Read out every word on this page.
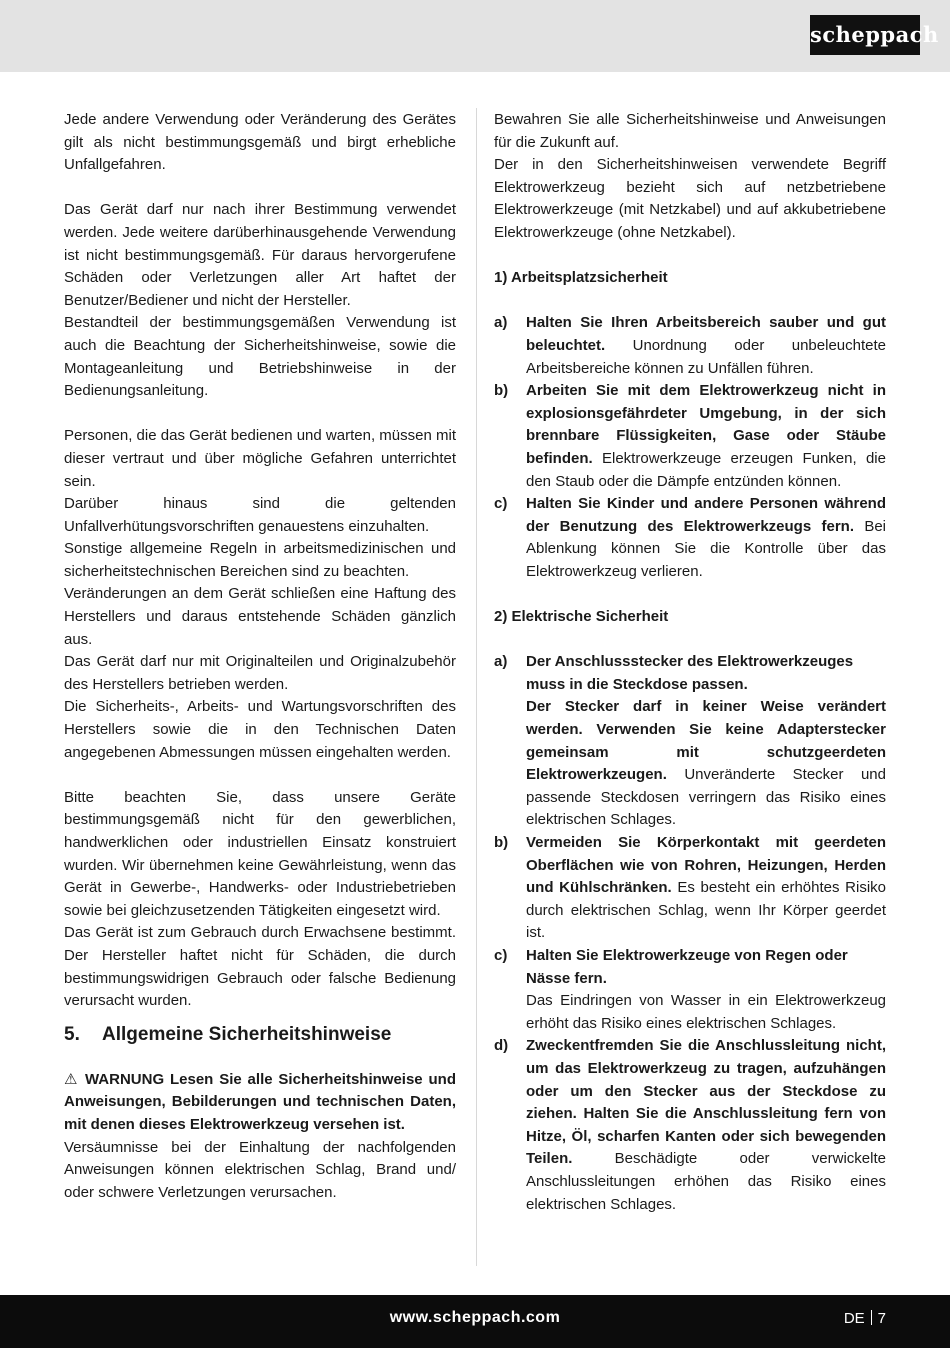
scheppach

Jede andere Verwendung oder Veränderung des Gerätes gilt als nicht bestimmungsgemäß und birgt erhebliche Unfallgefahren.

Das Gerät darf nur nach ihrer Bestimmung verwendet werden. Jede weitere darüberhinausgehende Verwendung ist nicht bestimmungsgemäß. Für daraus hervorgerufene Schäden oder Verletzungen aller Art haftet der Benutzer/Bediener und nicht der Hersteller.

Bestandteil der bestimmungsgemäßen Verwendung ist auch die Beachtung der Sicherheitshinweise, sowie die Montageanleitung und Betriebshinweise in der Bedienungsanleitung.

Personen, die das Gerät bedienen und warten, müssen mit dieser vertraut und über mögliche Gefahren unterrichtet sein.

Darüber hinaus sind die geltenden Unfallverhütungsvorschriften genauestens einzuhalten.

Sonstige allgemeine Regeln in arbeitsmedizinischen und sicherheitstechnischen Bereichen sind zu beachten.

Veränderungen an dem Gerät schließen eine Haftung des Herstellers und daraus entstehende Schäden gänzlich aus.

Das Gerät darf nur mit Originalteilen und Originalzubehör des Herstellers betrieben werden.

Die Sicherheits-, Arbeits- und Wartungsvorschriften des Herstellers sowie die in den Technischen Daten angegebenen Abmessungen müssen eingehalten werden.

Bitte beachten Sie, dass unsere Geräte bestimmungsgemäß nicht für den gewerblichen, handwerklichen oder industriellen Einsatz konstruiert wurden. Wir übernehmen keine Gewährleistung, wenn das Gerät in Gewerbe-, Handwerks- oder Industriebetrieben sowie bei gleichzusetzenden Tätigkeiten eingesetzt wird.

Das Gerät ist zum Gebrauch durch Erwachsene bestimmt. Der Hersteller haftet nicht für Schäden, die durch bestimmungswidrigen Gebrauch oder falsche Bedienung verursacht wurden.

5. Allgemeine Sicherheitshinweise

⚠ WARNUNG Lesen Sie alle Sicherheitshinweise und Anweisungen, Bebilderungen und technischen Daten, mit denen dieses Elektrowerkzeug versehen ist.

Versäumnisse bei der Einhaltung der nachfolgenden Anweisungen können elektrischen Schlag, Brand und/ oder schwere Verletzungen verursachen.

Bewahren Sie alle Sicherheitshinweise und Anweisungen für die Zukunft auf.

Der in den Sicherheitshinweisen verwendete Begriff Elektrowerkzeug bezieht sich auf netzbetriebene Elektrowerkzeuge (mit Netzkabel) und auf akkubetriebene Elektrowerkzeuge (ohne Netzkabel).

1) Arbeitsplatzsicherheit

a)	Halten Sie Ihren Arbeitsbereich sauber und gut beleuchtet. Unordnung oder unbeleuchtete Arbeitsbereiche können zu Unfällen führen.
b)	Arbeiten Sie mit dem Elektrowerkzeug nicht in explosionsgefährdeter Umgebung, in der sich brennbare Flüssigkeiten, Gase oder Stäube befinden. Elektrowerkzeuge erzeugen Funken, die den Staub oder die Dämpfe entzünden können.
c)	Halten Sie Kinder und andere Personen während der Benutzung des Elektrowerkzeugs fern. Bei Ablenkung können Sie die Kontrolle über das Elektrowerkzeug verlieren.

2) Elektrische Sicherheit

a)	Der Anschlussstecker des Elektrowerkzeuges muss in die Steckdose passen.
Der Stecker darf in keiner Weise verändert werden. Verwenden Sie keine Adapterstecker gemeinsam mit schutzgeerdeten Elektrowerkzeugen. Unveränderte Stecker und passende Steckdosen verringern das Risiko eines elektrischen Schlages.
b)	Vermeiden Sie Körperkontakt mit geerdeten Oberflächen wie von Rohren, Heizungen, Herden und Kühlschränken. Es besteht ein erhöhtes Risiko durch elektrischen Schlag, wenn Ihr Körper geerdet ist.
c)	Halten Sie Elektrowerkzeuge von Regen oder Nässe fern.
Das Eindringen von Wasser in ein Elektrowerkzeug erhöht das Risiko eines elektrischen Schlages.
d)	Zweckentfremden Sie die Anschlussleitung nicht, um das Elektrowerkzeug zu tragen, aufzuhängen oder um den Stecker aus der Steckdose zu ziehen. Halten Sie die Anschlussleitung fern von Hitze, Öl, scharfen Kanten oder sich bewegenden Teilen. Beschädigte oder verwickelte Anschlussleitungen erhöhen das Risiko eines elektrischen Schlages.
www.scheppach.com	DE 7
